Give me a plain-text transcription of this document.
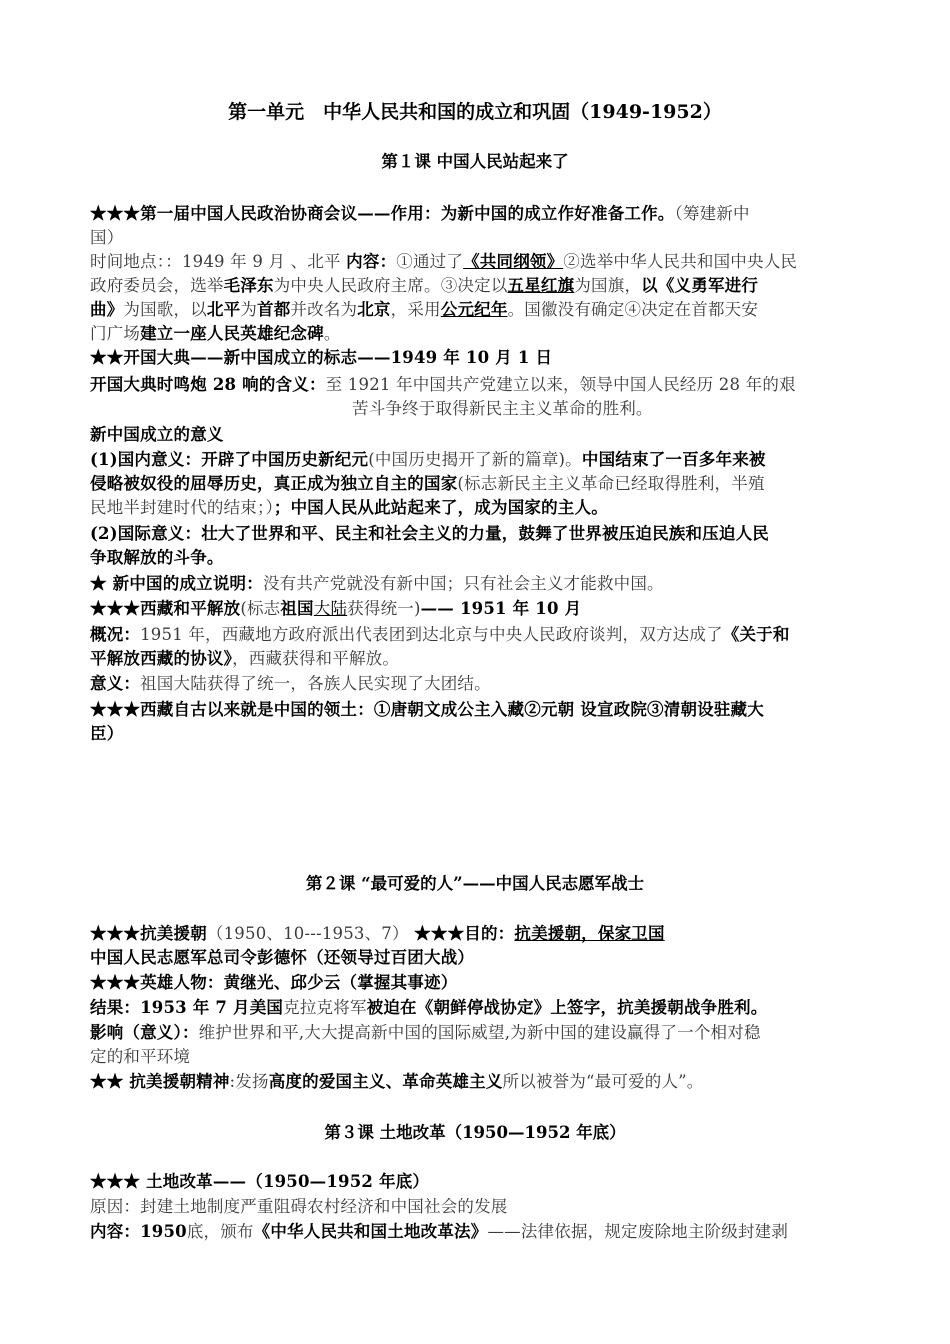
第一单元　中华人民共和国的成立和巩固（1949-1952）
第１课 中国人民站起来了
★★★第一届中国人民政治协商会议——作用：为新中国的成立作好准备工作。（筹建新中
国）
时间地点：：1949 年 9 月 、北平 内容：①通过了《共同纲领》②选举中华人民共和国中央人民
政府委员会，选举毛泽东为中央人民政府主席。③决定以五星红旗为国旗，以《义勇军进行
曲》为国歌，以北平为首都并改名为北京，采用公元纪年。国徽没有确定④决定在首都天安
门广场建立一座人民英雄纪念碑。
★★开国大典——新中国成立的标志——1949 年 10 月 1 日
开国大典时鸣炮 28 响的含义：至 1921 年中国共产党建立以来，领导中国人民经历 28 年的艰
苦斗争终于取得新民主主义革命的胜利。
新中国成立的意义
(1)国内意义：开辟了中国历史新纪元(中国历史揭开了新的篇章)。中国结束了一百多年来被
侵略被奴役的屈辱历史，真正成为独立自主的国家(标志新民主主义革命已经取得胜利，半殖
民地半封建时代的结束；）；中国人民从此站起来了，成为国家的主人。
(2)国际意义：壮大了世界和平、民主和社会主义的力量，鼓舞了世界被压迫民族和压迫人民
争取解放的斗争。
★ 新中国的成立说明：没有共产党就没有新中国；只有社会主义才能救中国。
★★★西藏和平解放(标志祖国大陆获得统一)—— 1951 年 10 月
概况：1951 年，西藏地方政府派出代表团到达北京与中央人民政府谈判，双方达成了《关于和
平解放西藏的协议》，西藏获得和平解放。
意义：祖国大陆获得了统一，各族人民实现了大团结。
★★★西藏自古以来就是中国的领土：①唐朝文成公主入藏②元朝 设宣政院③清朝设驻藏大
臣）
第２课 “最可爱的人”——中国人民志愿军战士
★★★抗美援朝（1950、10---1953、7） ★★★目的：抗美援朝，保家卫国
中国人民志愿军总司令彭德怀（还领导过百团大战）
★★★英雄人物：黄继光、邱少云（掌握其事迹）
结果：1953 年 7 月美国克拉克将军被迫在《朝鲜停战协定》上签字，抗美援朝战争胜利。
影响（意义）：维护世界和平,大大提高新中国的国际威望,为新中国的建设赢得了一个相对稳
定的和平环境
★★ 抗美援朝精神:发扬高度的爱国主义、革命英雄主义所以被誉为“最可爱的人”。
第３课 土地改革（1950—1952 年底）
★★★ 土地改革——（1950—1952 年底）
原因：封建土地制度严重阻碍农村经济和中国社会的发展
内容：1950底，颁布《中华人民共和国土地改革法》——法律依据，规定废除地主阶级封建剥
